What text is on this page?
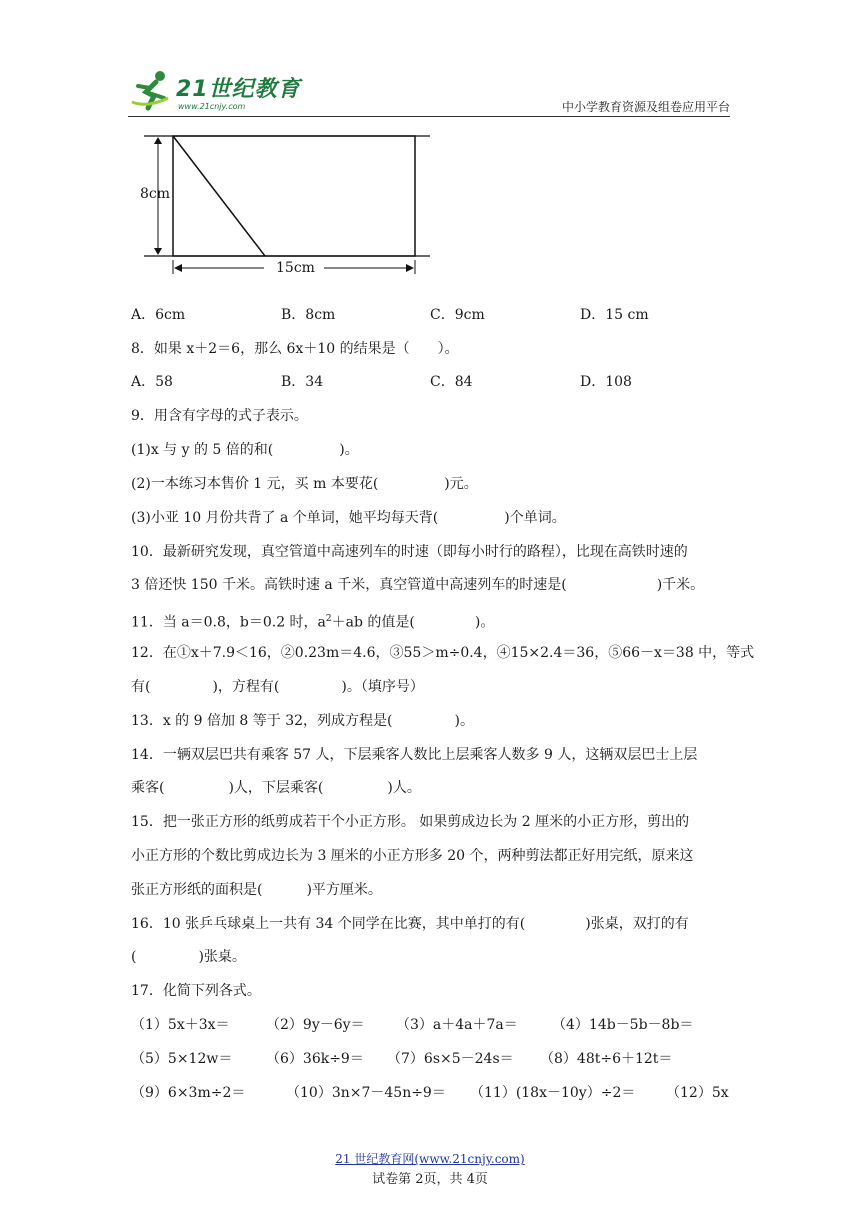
21世纪教育
www.21cnjy.com	中小学教育资源及组卷应用平台
8cm
15cm
A．6cm	B．8cm	C．9cm	D．15 cm
8．如果 x＋2＝6，那么 6x＋10 的结果是（　　）。
A．58	B．34	C．84	D．108
9．用含有字母的式子表示。
(1)x 与 y 的 5 倍的和(	)。
(2)一本练习本售价 1 元，买 m 本要花(	)元。
(3)小亚 10 月份共背了 a 个单词，她平均每天背(	)个单词。
10．最新研究发现，真空管道中高速列车的时速（即每小时行的路程），比现在高铁时速的
3 倍还快 150 千米。高铁时速 a 千米，真空管道中高速列车的时速是(	)千米。
11．当 a＝0.8，b＝0.2 时，$a^2+ab$ 的值是(	)。
12．在①x＋7.9＜16，②0.23m＝4.6，③55＞m÷0.4，④15×2.4＝36，⑤66－x＝38 中，等式
有(	)，方程有(	)。（填序号）
13．x 的 9 倍加 8 等于 32，列成方程是(	)。
14．一辆双层巴共有乘客 57 人，下层乘客人数比上层乘客人数多 9 人，这辆双层巴士上层
乘客(	)人，下层乘客(	)人。
15．把一张正方形的纸剪成若干个小正方形。 如果剪成边长为 2 厘米的小正方形，剪出的
小正方形的个数比剪成边长为 3 厘米的小正方形多 20 个，两种剪法都正好用完纸，原来这
张正方形纸的面积是(	)平方厘米。
16．10 张乒乓球桌上一共有 34 个同学在比赛，其中单打的有(	)张桌，双打的有
(	)张桌。
17．化简下列各式。
（1）5x＋3x＝	（2）9y－6y＝ （3）a＋4a＋7a＝ （4）14b－5b－8b＝
（5）5×12w＝ （6）36k÷9＝ （7）6s×5－24s＝ （8）48t÷6＋12t＝
（9）6×3m÷2＝	（10）3n×7－45n÷9＝ （11）(18x－10y）÷2＝ （12）5x
21 世纪教育网(www.21cnjy.com)
试卷第 2页，共 4页
